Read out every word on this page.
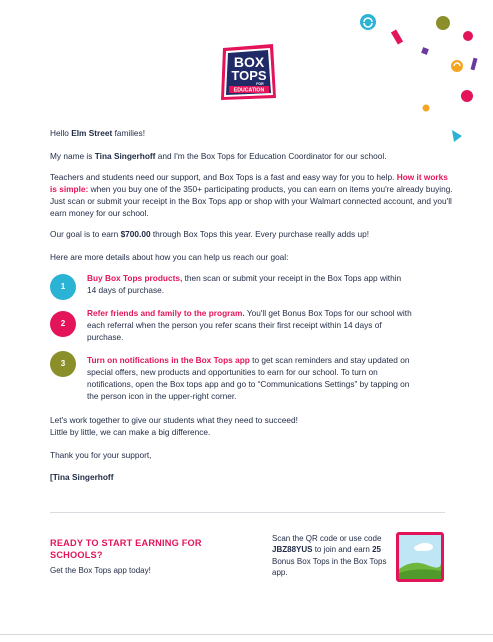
BOX
TOPS
FOR
EDUCATION
Hello Elm Street families!
My name is Tina Singerhoff and I'm the Box Tops for Education Coordinator for our school.
Teachers and students need our support, and Box Tops is a fast and easy way for you to help. How it works is simple: when you buy one of the 350+ participating products, you can earn on items you're already buying. Just scan or submit your receipt in the Box Tops app or shop with your Walmart connected account, and you'll earn money for our school.
Our goal is to earn $700.00 through Box Tops this year. Every purchase really adds up!
Here are more details about how you can help us reach our goal:
1
Buy Box Tops products, then scan or submit your receipt in the Box Tops app within 14 days of purchase.
2
Refer friends and family to the program. You'll get Bonus Box Tops for our school with each referral when the person you refer scans their first receipt within 14 days of purchase.
3	Turn on notifications in the Box Tops app to get scan reminders and stay updated on special offers, new products and opportunities to earn for our school. To turn on notifications, open the Box tops app and go to “Communications Settings” by tapping on the person icon in the upper-right corner.
Let's work together to give our students what they need to succeed!
Little by little, we can make a big difference.
Thank you for your support,
[Tina Singerhoff
READY TO START EARNING FOR SCHOOLS?
Get the Box Tops app today!
Scan the QR code or use code JBZ88YUS to join and earn 25 Bonus Box Tops in the Box Tops app.
